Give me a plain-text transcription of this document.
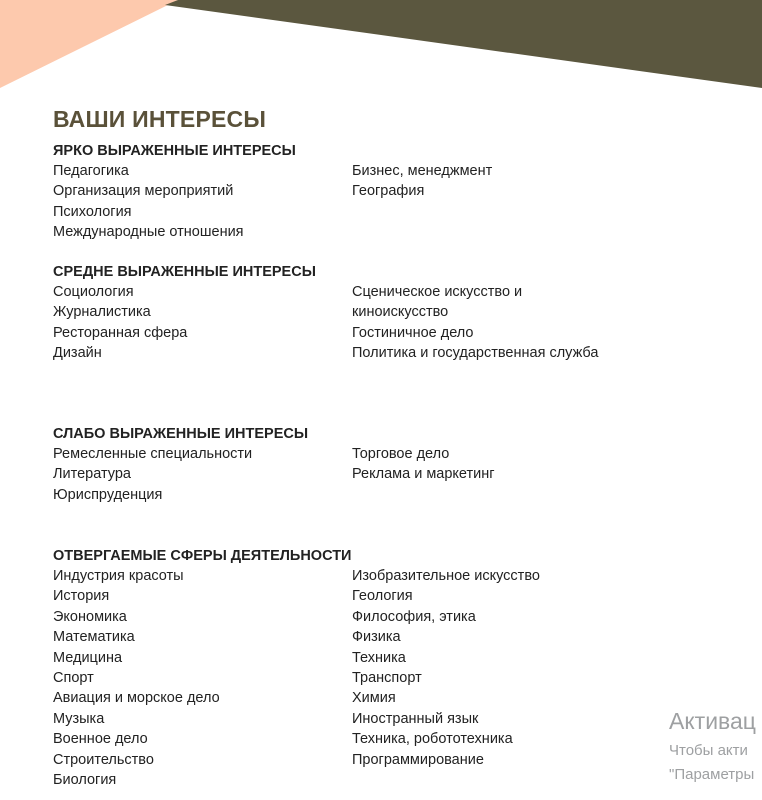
ВАШИ ИНТЕРЕСЫ
ЯРКО ВЫРАЖЕННЫЕ ИНТЕРЕСЫ
Педагогика
Организация мероприятий
Психология
Международные отношения
Бизнес, менеджмент
География
СРЕДНЕ ВЫРАЖЕННЫЕ ИНТЕРЕСЫ
Социология
Журналистика
Ресторанная сфера
Дизайн
Сценическое искусство и
киноискусство
Гостиничное дело
Политика и государственная служба
СЛАБО ВЫРАЖЕННЫЕ ИНТЕРЕСЫ
Ремесленные специальности
Литература
Юриспруденция
Торговое дело
Реклама и маркетинг
ОТВЕРГАЕМЫЕ СФЕРЫ ДЕЯТЕЛЬНОСТИ
Индустрия красоты
История
Экономика
Математика
Медицина
Спорт
Авиация и морское дело
Музыка
Военное дело
Строительство
Биология
Изобразительное искусство
Геология
Философия, этика
Физика
Техника
Транспорт
Химия
Иностранный язык
Техника, робототехника
Программирование
Активац
Чтобы акти
"Параметры
